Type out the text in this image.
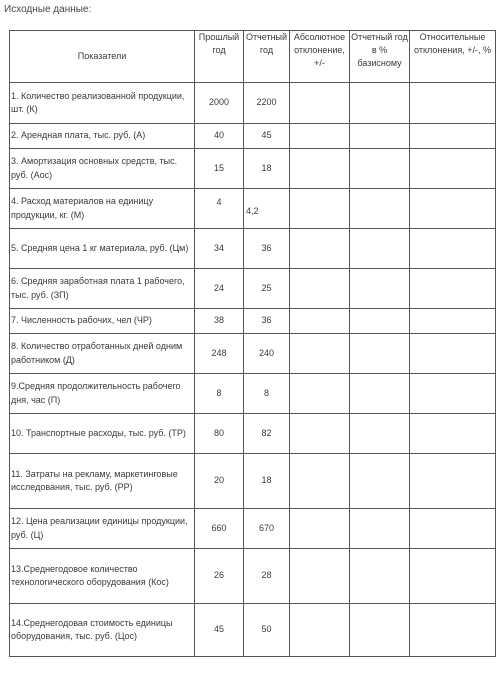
Исходные данные:
Показатели	Прошлый год	Отчетный год	Абсолютное отклонение, +/-	Отчетный год в % базисному	Относительные отклонения, +/-, %
1. Количество реализованной продукции, шт. (К)	2000	2200			
2. Арендная плата, тыс. руб. (А)	40	45			
3. Амортизация основных средств, тыс. руб. (Аос)	15	18			
4. Расход материалов на единицу продукции, кг. (М)	4	4,2			
5. Средняя цена 1 кг материала, руб. (Цм)	34	36			
6. Средняя заработная плата 1 рабочего, тыс. руб. (ЗП)	24	25			
7. Численность рабочих, чел (ЧР)	38	36			
8. Количество отработанных дней одним работником (Д)	248	240			
9.Средняя продолжительность рабочего дня, час (П)	8	8			
10. Транспортные расходы, тыс. руб. (ТР)	80	82			
11. Затраты на рекламу, маркетинговые исследования, тыс. руб. (РР)	20	18			
12. Цена реализации единицы продукции, руб. (Ц)	660	670			
13.Среднегодовое количество технологического оборудования (Кос)	26	28			
14.Среднегодовая стоимость единицы оборудования, тыс. руб. (Цос)	45	50			
